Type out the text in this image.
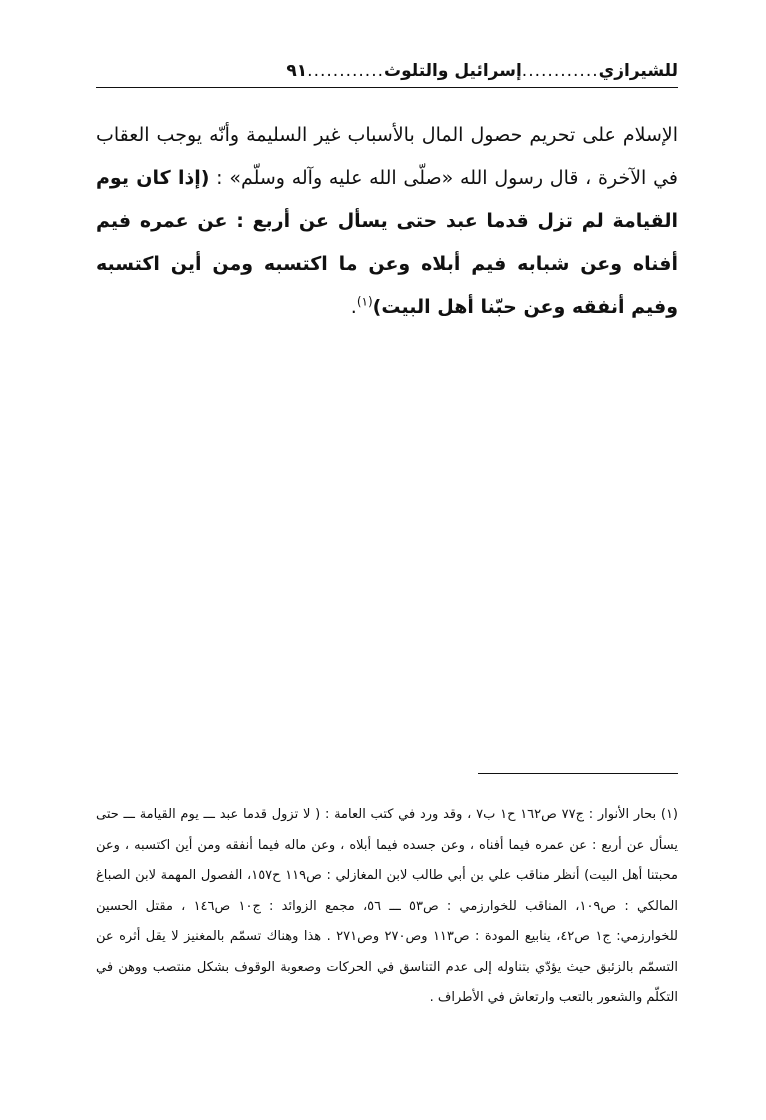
للشيرازي
............
إسرائيل والتلوث
............
٩١
الإسلام على تحريم حصول المال بالأسباب غير السليمة وأنّه يوجب العقاب في الآخرة ، قال رسول الله «صلّى الله عليه وآله وسلّم» : (إذا كان يوم القيامة لم تزل قدما عبد حتى يسأل عن أربع : عن عمره فيم أفناه وعن شبابه فيم أبلاه وعن ما اكتسبه ومن أين اكتسبه وفيم أنفقه وعن حبّنا أهل البيت)$^{(١)}$.
(١) بحار الأنوار : ج٧٧ ص١٦٢ ح١ ب٧ ، وقد ورد في كتب العامة : ( لا تزول قدما عبد ـــ يوم القيامة ـــ حتى يسأل عن أربع : عن عمره فيما أفناه ، وعن جسده فيما أبلاه ، وعن ماله فيما أنفقه ومن أين اكتسبه ، وعن محبتنا أهل البيت) أنظر مناقب علي بن أبي طالب لابن المغازلي : ص١١٩ ح١٥٧، الفصول المهمة لابن الصباغ المالكي : ص١٠٩، المناقب للخوارزمي : ص٥٣ ـــ ٥٦، مجمع الزوائد : ج١٠ ص١٤٦ ، مقتل الحسين للخوارزمي: ج١ ص٤٢، ينابيع المودة : ص١١٣ وص٢٧٠ وص٢٧١ . هذا وهناك تسمّم بالمغنيز لا يقل أثره عن التسمّم بالزئبق حيث يؤدّي بتناوله إلى عدم التناسق في الحركات وصعوبة الوقوف بشكل منتصب ووهن في التكلّم والشعور بالتعب وارتعاش في الأطراف .
